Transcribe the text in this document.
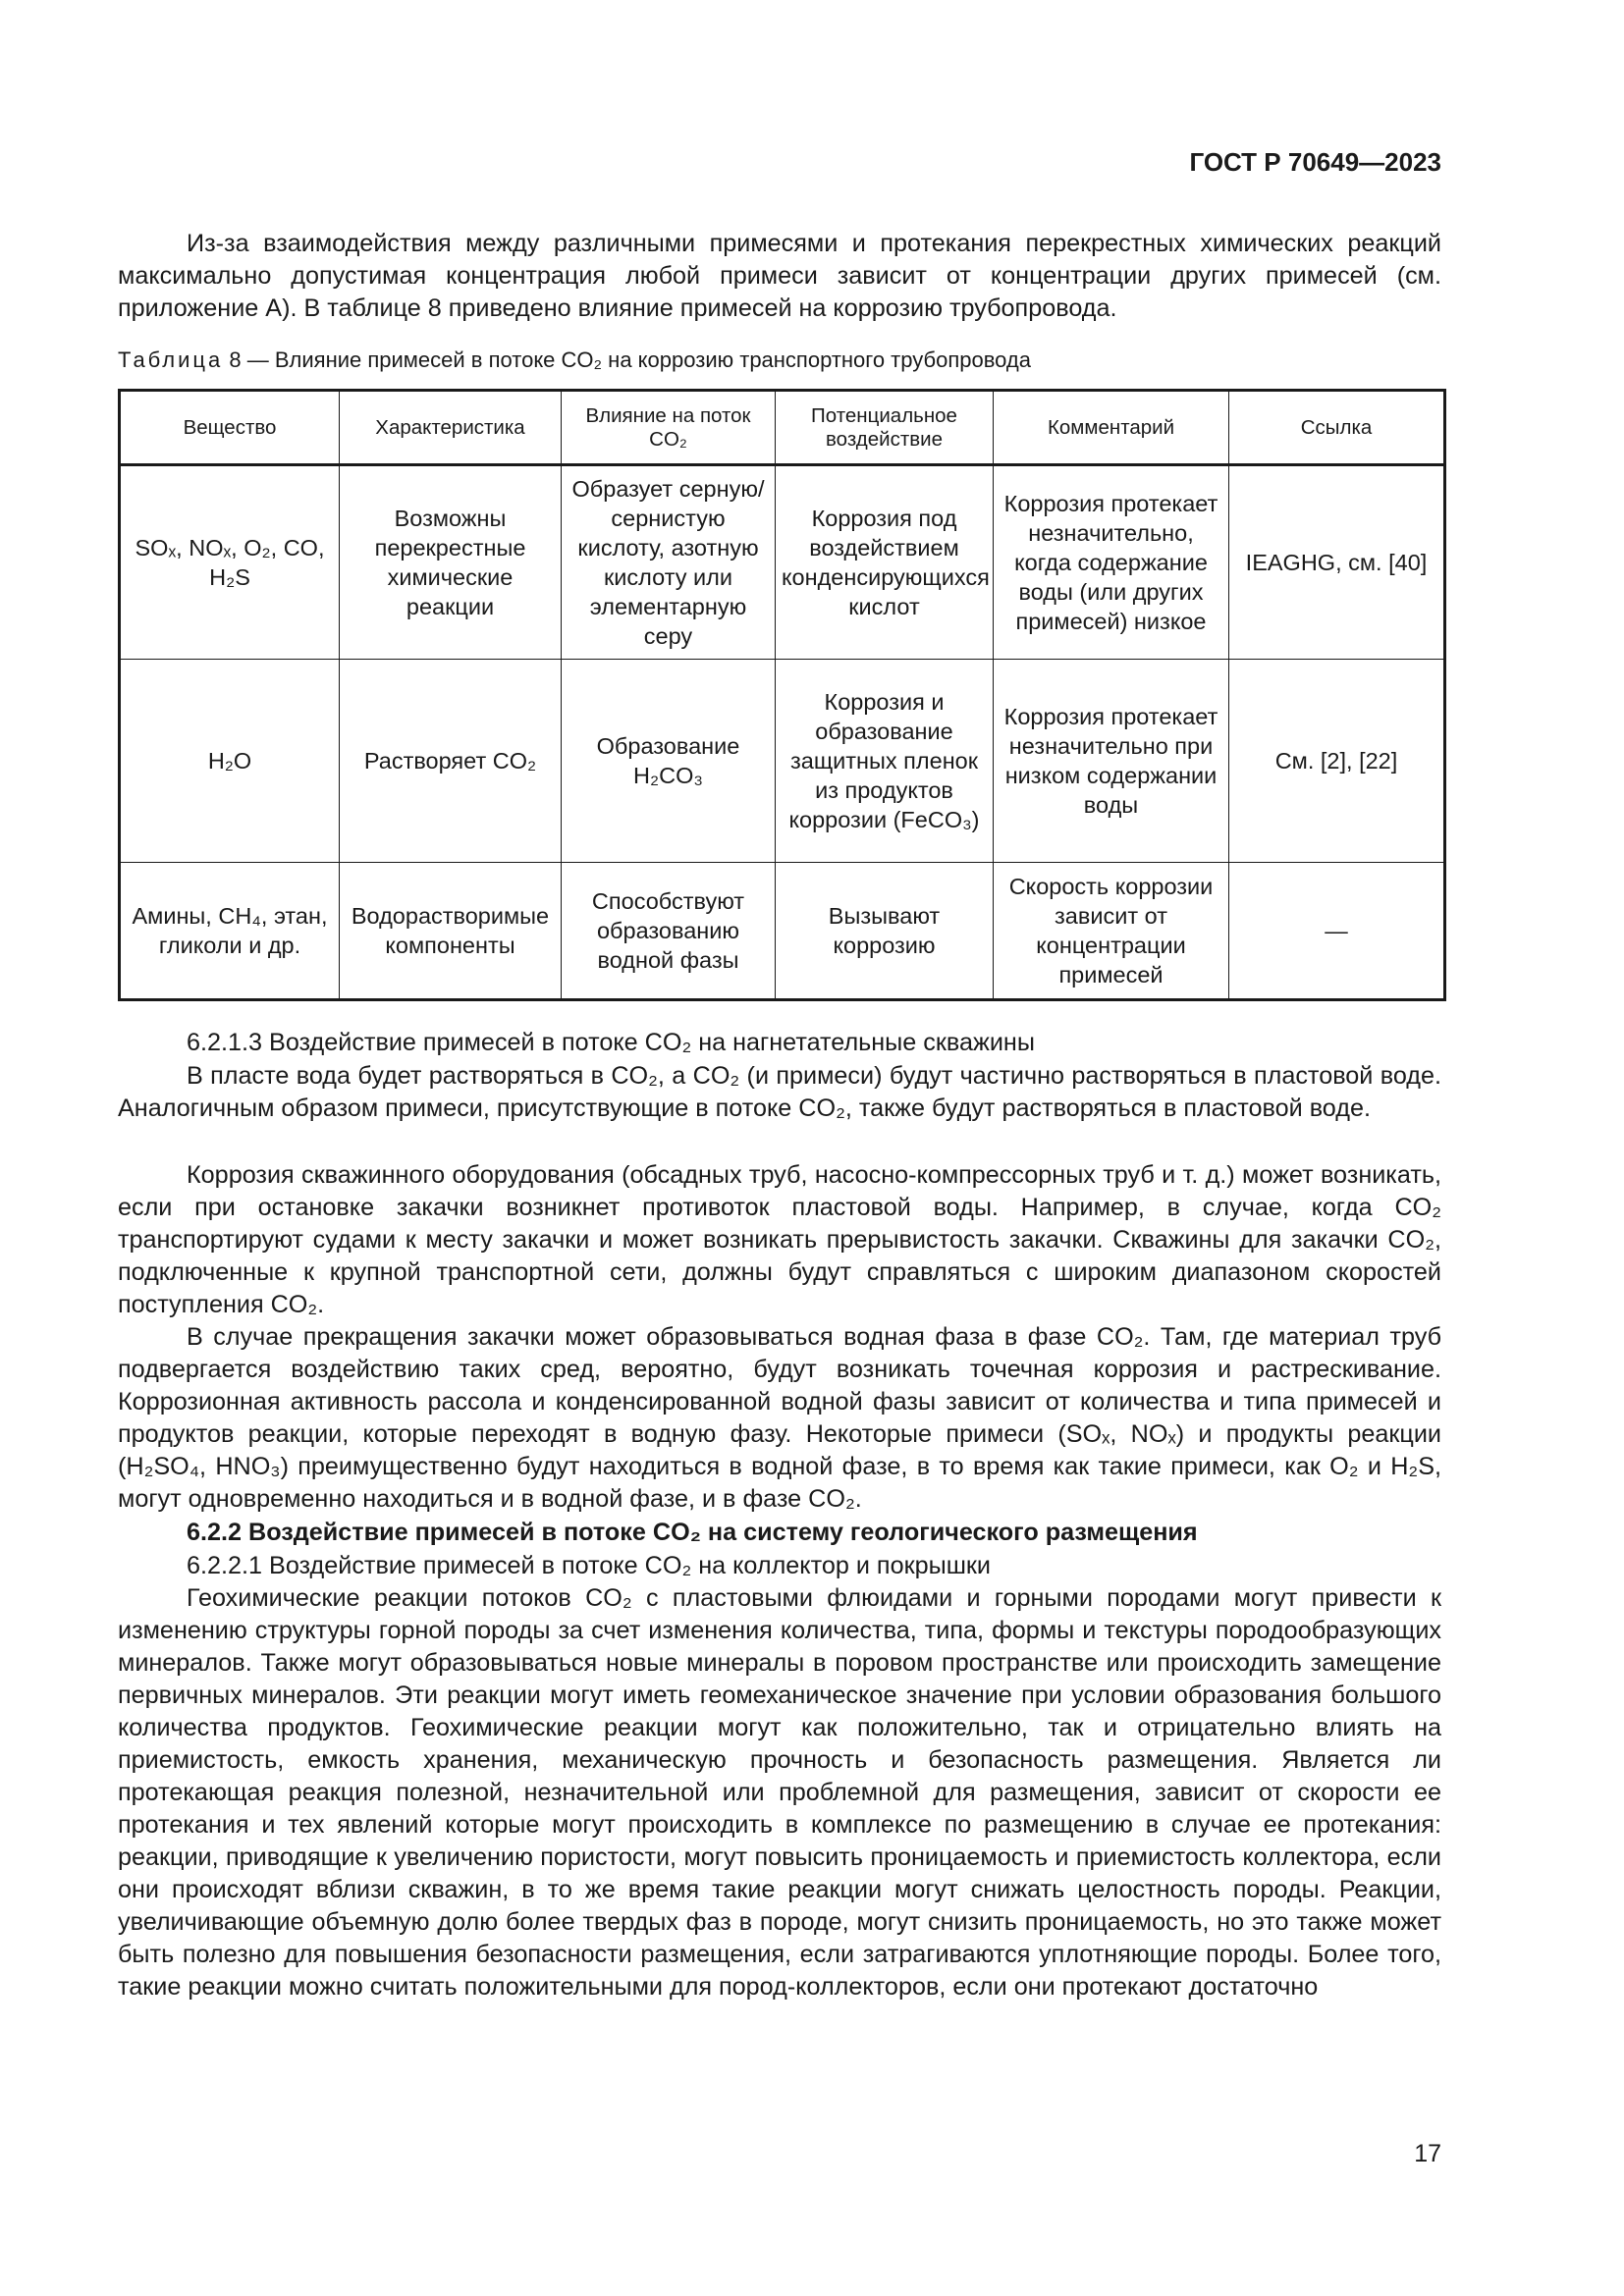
ГОСТ Р 70649—2023

Из-за взаимодействия между различными примесями и протекания перекрестных химических реакций максимально допустимая концентрация любой примеси зависит от концентрации других примесей (см. приложение А). В таблице 8 приведено влияние примесей на коррозию трубопровода.

Таблица 8 — Влияние примесей в потоке CO₂ на коррозию транспортного трубопровода
Вещество	Характеристика	Влияние на поток CO₂	Потенциальное воздействие	Комментарий	Ссылка
SOₓ, NOₓ, O₂, CO, H₂S	Возможны перекрестные химические реакции	Образует серную/сернистую кислоту, азотную кислоту или элементарную серу	Коррозия под воздействием конденсирующихся кислот	Коррозия протекает незначительно, когда содержание воды (или других примесей) низкое	IEAGHG, см. [40]
H₂O	Растворяет CO₂	Образование H₂CO₃	Коррозия и образование защитных пленок из продуктов коррозии (FeCO₃)	Коррозия протекает незначительно при низком содержании воды	См. [2], [22]
Амины, CH₄, этан, гликоли и др.	Водорастворимые компоненты	Способствуют образованию водной фазы	Вызывают коррозию	Скорость коррозии зависит от концентрации примесей	—

6.2.1.3 Воздействие примесей в потоке CO₂ на нагнетательные скважины

В пласте вода будет растворяться в CO₂, а CO₂ (и примеси) будут частично растворяться в пластовой воде. Аналогичным образом примеси, присутствующие в потоке CO₂, также будут растворяться в пластовой воде.

Коррозия скважинного оборудования (обсадных труб, насосно-компрессорных труб и т. д.) может возникать, если при остановке закачки возникнет противоток пластовой воды. Например, в случае, когда CO₂ транспортируют судами к месту закачки и может возникать прерывистость закачки. Скважины для закачки CO₂, подключенные к крупной транспортной сети, должны будут справляться с широким диапазоном скоростей поступления CO₂.

В случае прекращения закачки может образовываться водная фаза в фазе CO₂. Там, где материал труб подвергается воздействию таких сред, вероятно, будут возникать точечная коррозия и растрескивание. Коррозионная активность рассола и конденсированной водной фазы зависит от количества и типа примесей и продуктов реакции, которые переходят в водную фазу. Некоторые примеси (SOₓ, NOₓ) и продукты реакции (H₂SO₄, HNO₃) преимущественно будут находиться в водной фазе, в то время как такие примеси, как O₂ и H₂S, могут одновременно находиться и в водной фазе, и в фазе CO₂.

6.2.2 Воздействие примесей в потоке CO₂ на систему геологического размещения

6.2.2.1 Воздействие примесей в потоке CO₂ на коллектор и покрышки

Геохимические реакции потоков CO₂ с пластовыми флюидами и горными породами могут привести к изменению структуры горной породы за счет изменения количества, типа, формы и текстуры породообразующих минералов. Также могут образовываться новые минералы в поровом пространстве или происходить замещение первичных минералов. Эти реакции могут иметь геомеханическое значение при условии образования большого количества продуктов. Геохимические реакции могут как положительно, так и отрицательно влиять на приемистость, емкость хранения, механическую прочность и безопасность размещения. Является ли протекающая реакция полезной, незначительной или проблемной для размещения, зависит от скорости ее протекания и тех явлений которые могут происходить в комплексе по размещению в случае ее протекания: реакции, приводящие к увеличению пористости, могут повысить проницаемость и приемистость коллектора, если они происходят вблизи скважин, в то же время такие реакции могут снижать целостность породы. Реакции, увеличивающие объемную долю более твердых фаз в породе, могут снизить проницаемость, но это также может быть полезно для повышения безопасности размещения, если затрагиваются уплотняющие породы. Более того, такие реакции можно считать положительными для пород-коллекторов, если они протекают достаточно

17
